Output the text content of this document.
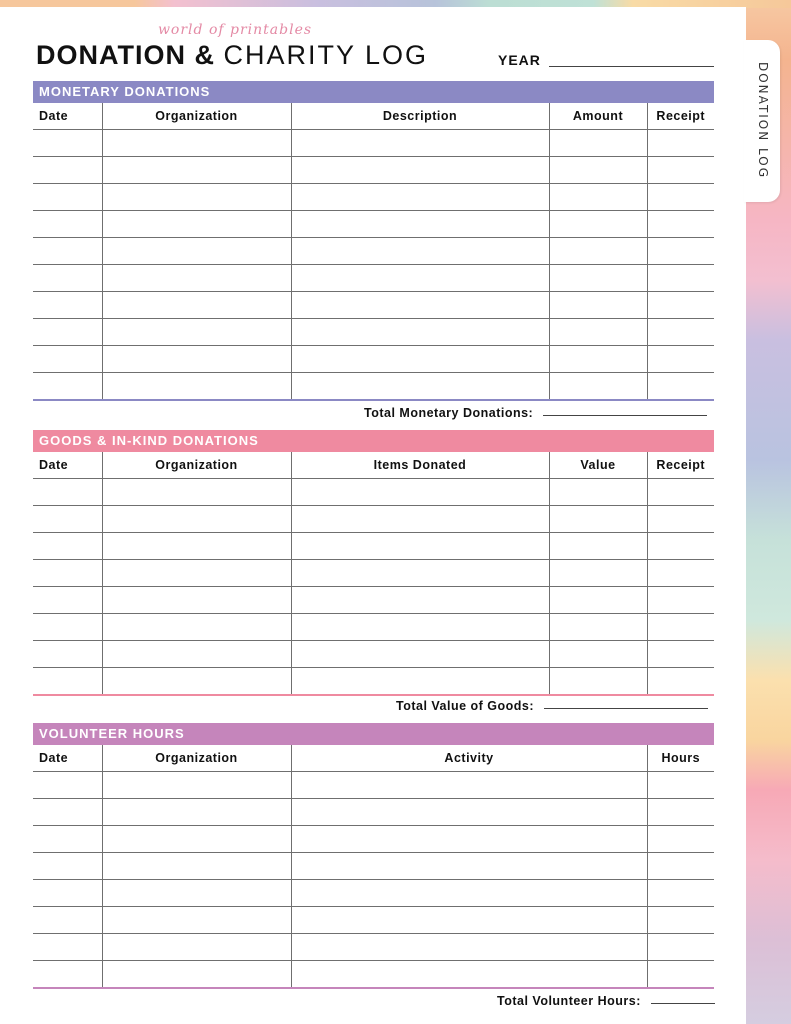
DONATION LOG
world of printables
DONATION & CHARITY LOG	YEAR
MONETARY DONATIONS
Date	Organization	Description	Amount	Receipt

Total Monetary Donations:
GOODS & IN-KIND DONATIONS
Date	Organization	Items Donated	Value	Receipt

Total Value of Goods:
VOLUNTEER HOURS
Date	Organization	Activity	Hours

Total Volunteer Hours:
